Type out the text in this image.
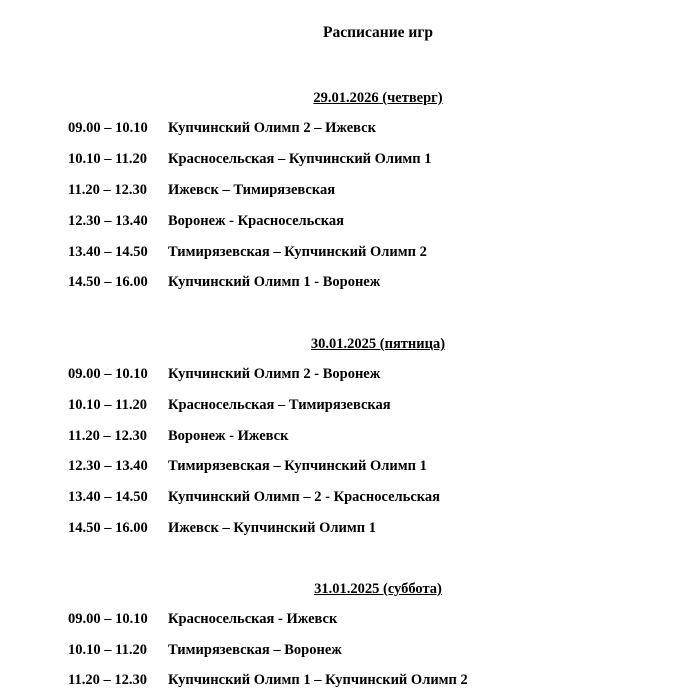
Расписание игр
29.01.2026 (четверг)
09.00 – 10.10 Купчинский Олимп 2 – Ижевск
10.10 – 11.20 Красносельская – Купчинский Олимп 1
11.20 – 12.30 Ижевск – Тимирязевская
12.30 – 13.40 Воронеж - Красносельская
13.40 – 14.50 Тимирязевская – Купчинский Олимп 2
14.50 – 16.00 Купчинский Олимп 1 - Воронеж
30.01.2025 (пятница)
09.00 – 10.10 Купчинский Олимп 2 - Воронеж
10.10 – 11.20 Красносельская – Тимирязевская
11.20 – 12.30 Воронеж - Ижевск
12.30 – 13.40 Тимирязевская – Купчинский Олимп 1
13.40 – 14.50 Купчинский Олимп – 2 - Красносельская
14.50 – 16.00 Ижевск – Купчинский Олимп 1
31.01.2025 (суббота)
09.00 – 10.10 Красносельская - Ижевск
10.10 – 11.20 Тимирязевская – Воронеж
11.20 – 12.30 Купчинский Олимп 1 – Купчинский Олимп 2
